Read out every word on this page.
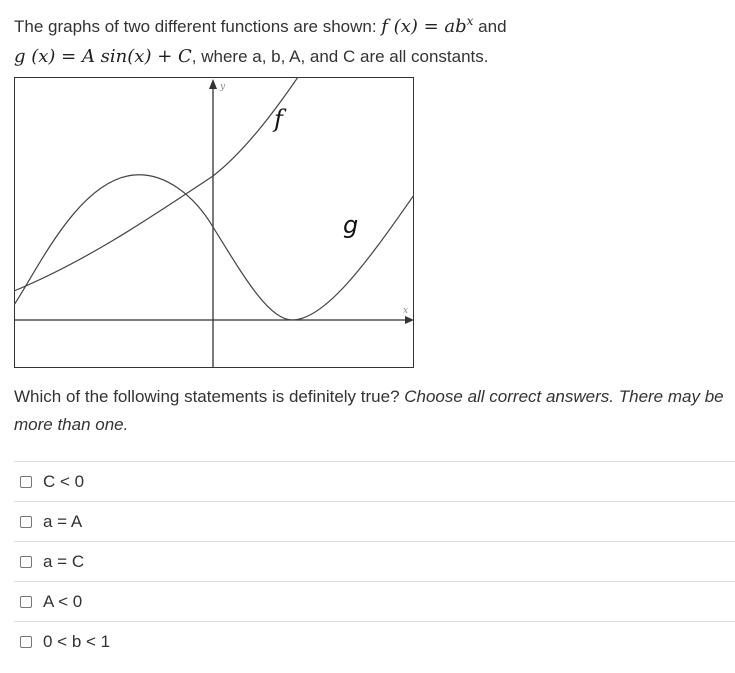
The graphs of two different functions are shown: f $(x) = ab^x$ and
g (x) = A sin(x) + C, where a, b, A, and C are all constants.
y
x
f
g
Which of the following statements is definitely true? Choose all correct answers. There may be more than one.
C < 0
a = A
a = C
A < 0
0 < b < 1
